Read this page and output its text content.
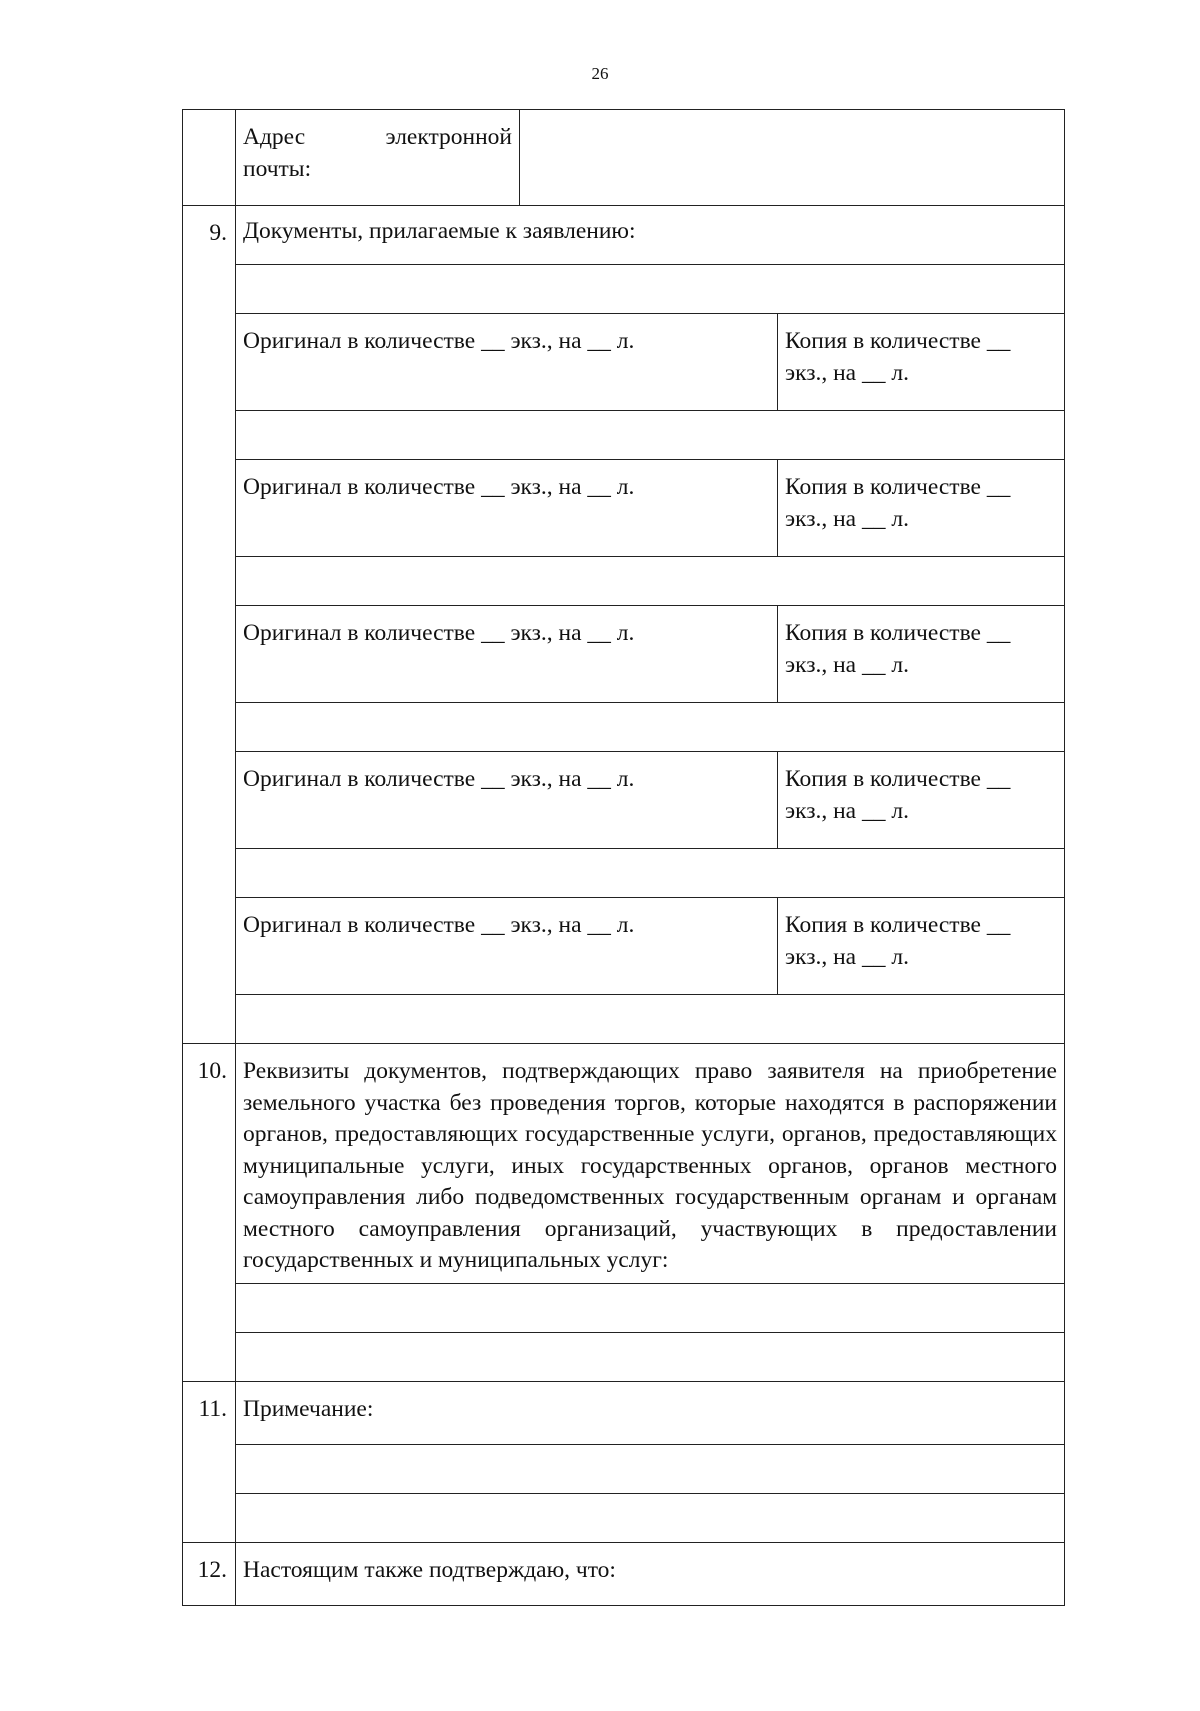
26
	Адрес электронной

почты:		

9.	Документы, прилагаемые к заявлению:		

	Оригинал в количестве __ экз., на __ л.		Копия в количестве __
экз., на __ л.

	Оригинал в количестве __ экз., на __ л.		Копия в количестве __
экз., на __ л.

	Оригинал в количестве __ экз., на __ л.		Копия в количестве __
экз., на __ л.

	Оригинал в количестве __ экз., на __ л.		Копия в количестве __
экз., на __ л.

	Оригинал в количестве __ экз., на __ л.		Копия в количестве __
экз., на __ л.

10.	Реквизиты документов, подтверждающих право заявителя на приобретение земельного участка без проведения торгов, которые находятся в распоряжении органов, предоставляющих государственные услуги, органов, предоставляющих муниципальные услуги, иных государственных органов, органов местного самоуправления либо подведомственных государственным органам и органам местного самоуправления организаций, участвующих в предоставлении государственных и муниципальных услуг:		

11.	Примечание:		

12.	Настоящим также подтверждаю, что:		
